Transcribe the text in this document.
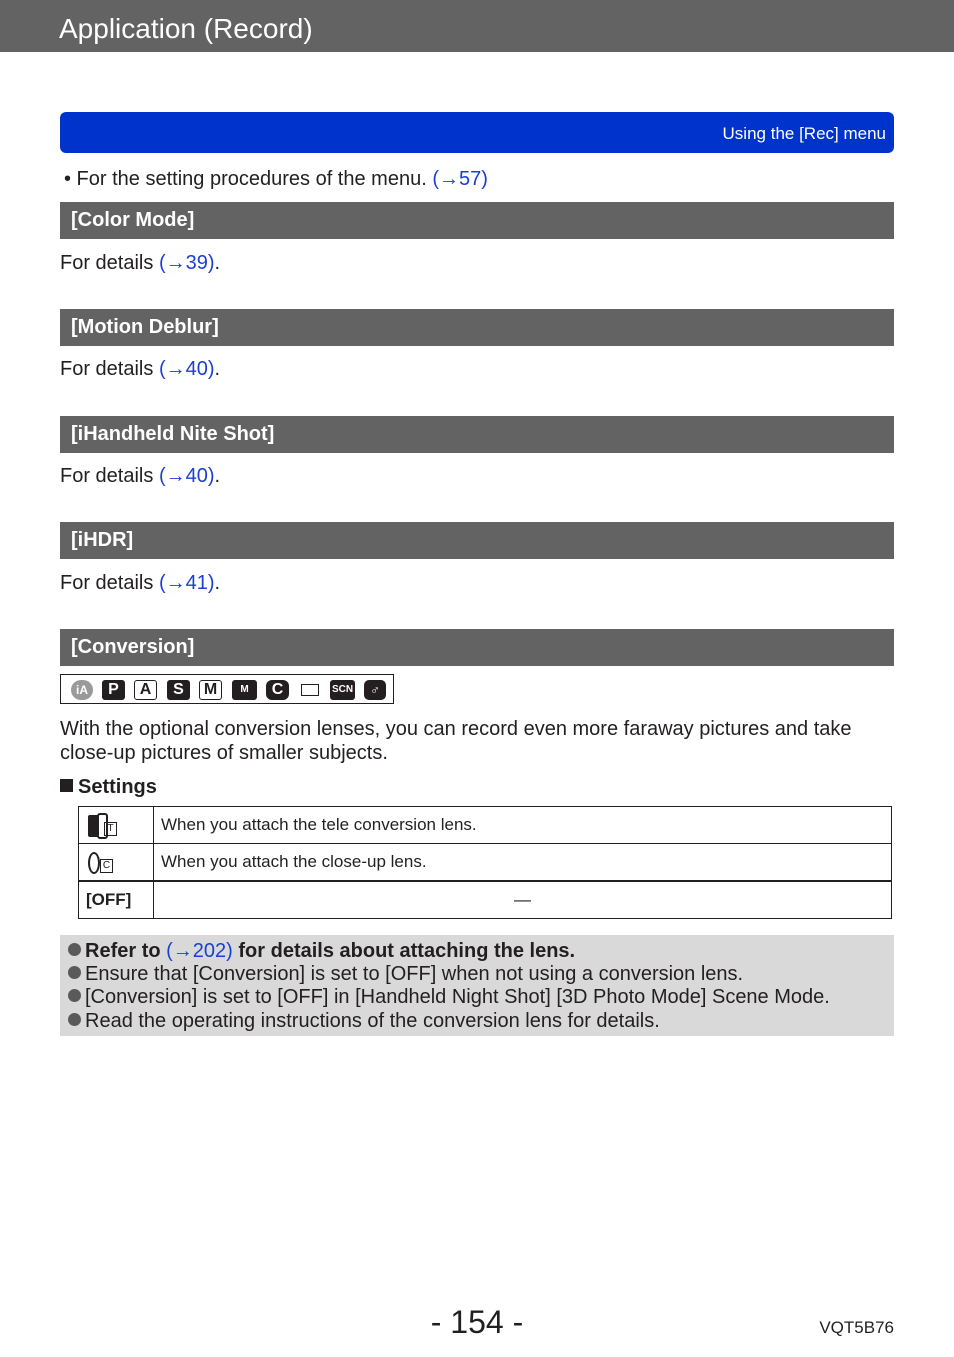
Application (Record)
Using the [Rec] menu
• For the setting procedures of the menu. (→57)
[Color Mode]
For details (→39).
[Motion Deblur]
For details (→40).
[iHandheld Nite Shot]
For details (→40).
[iHDR]
For details (→41).
[Conversion]
iA	P	A	S	M	M	C	SCN	♂
With the optional conversion lenses, you can record even more faraway pictures and take
close-up pictures of smaller subjects.
Settings
T	When you attach the tele conversion lens.

C	When you attach the close-up lens.
[OFF]	—
Refer to (→202) for details about attaching the lens.
Ensure that [Conversion] is set to [OFF] when not using a conversion lens.
[Conversion] is set to [OFF] in [Handheld Night Shot] [3D Photo Mode] Scene Mode.
Read the operating instructions of the conversion lens for details.
- 154 -	VQT5B76
